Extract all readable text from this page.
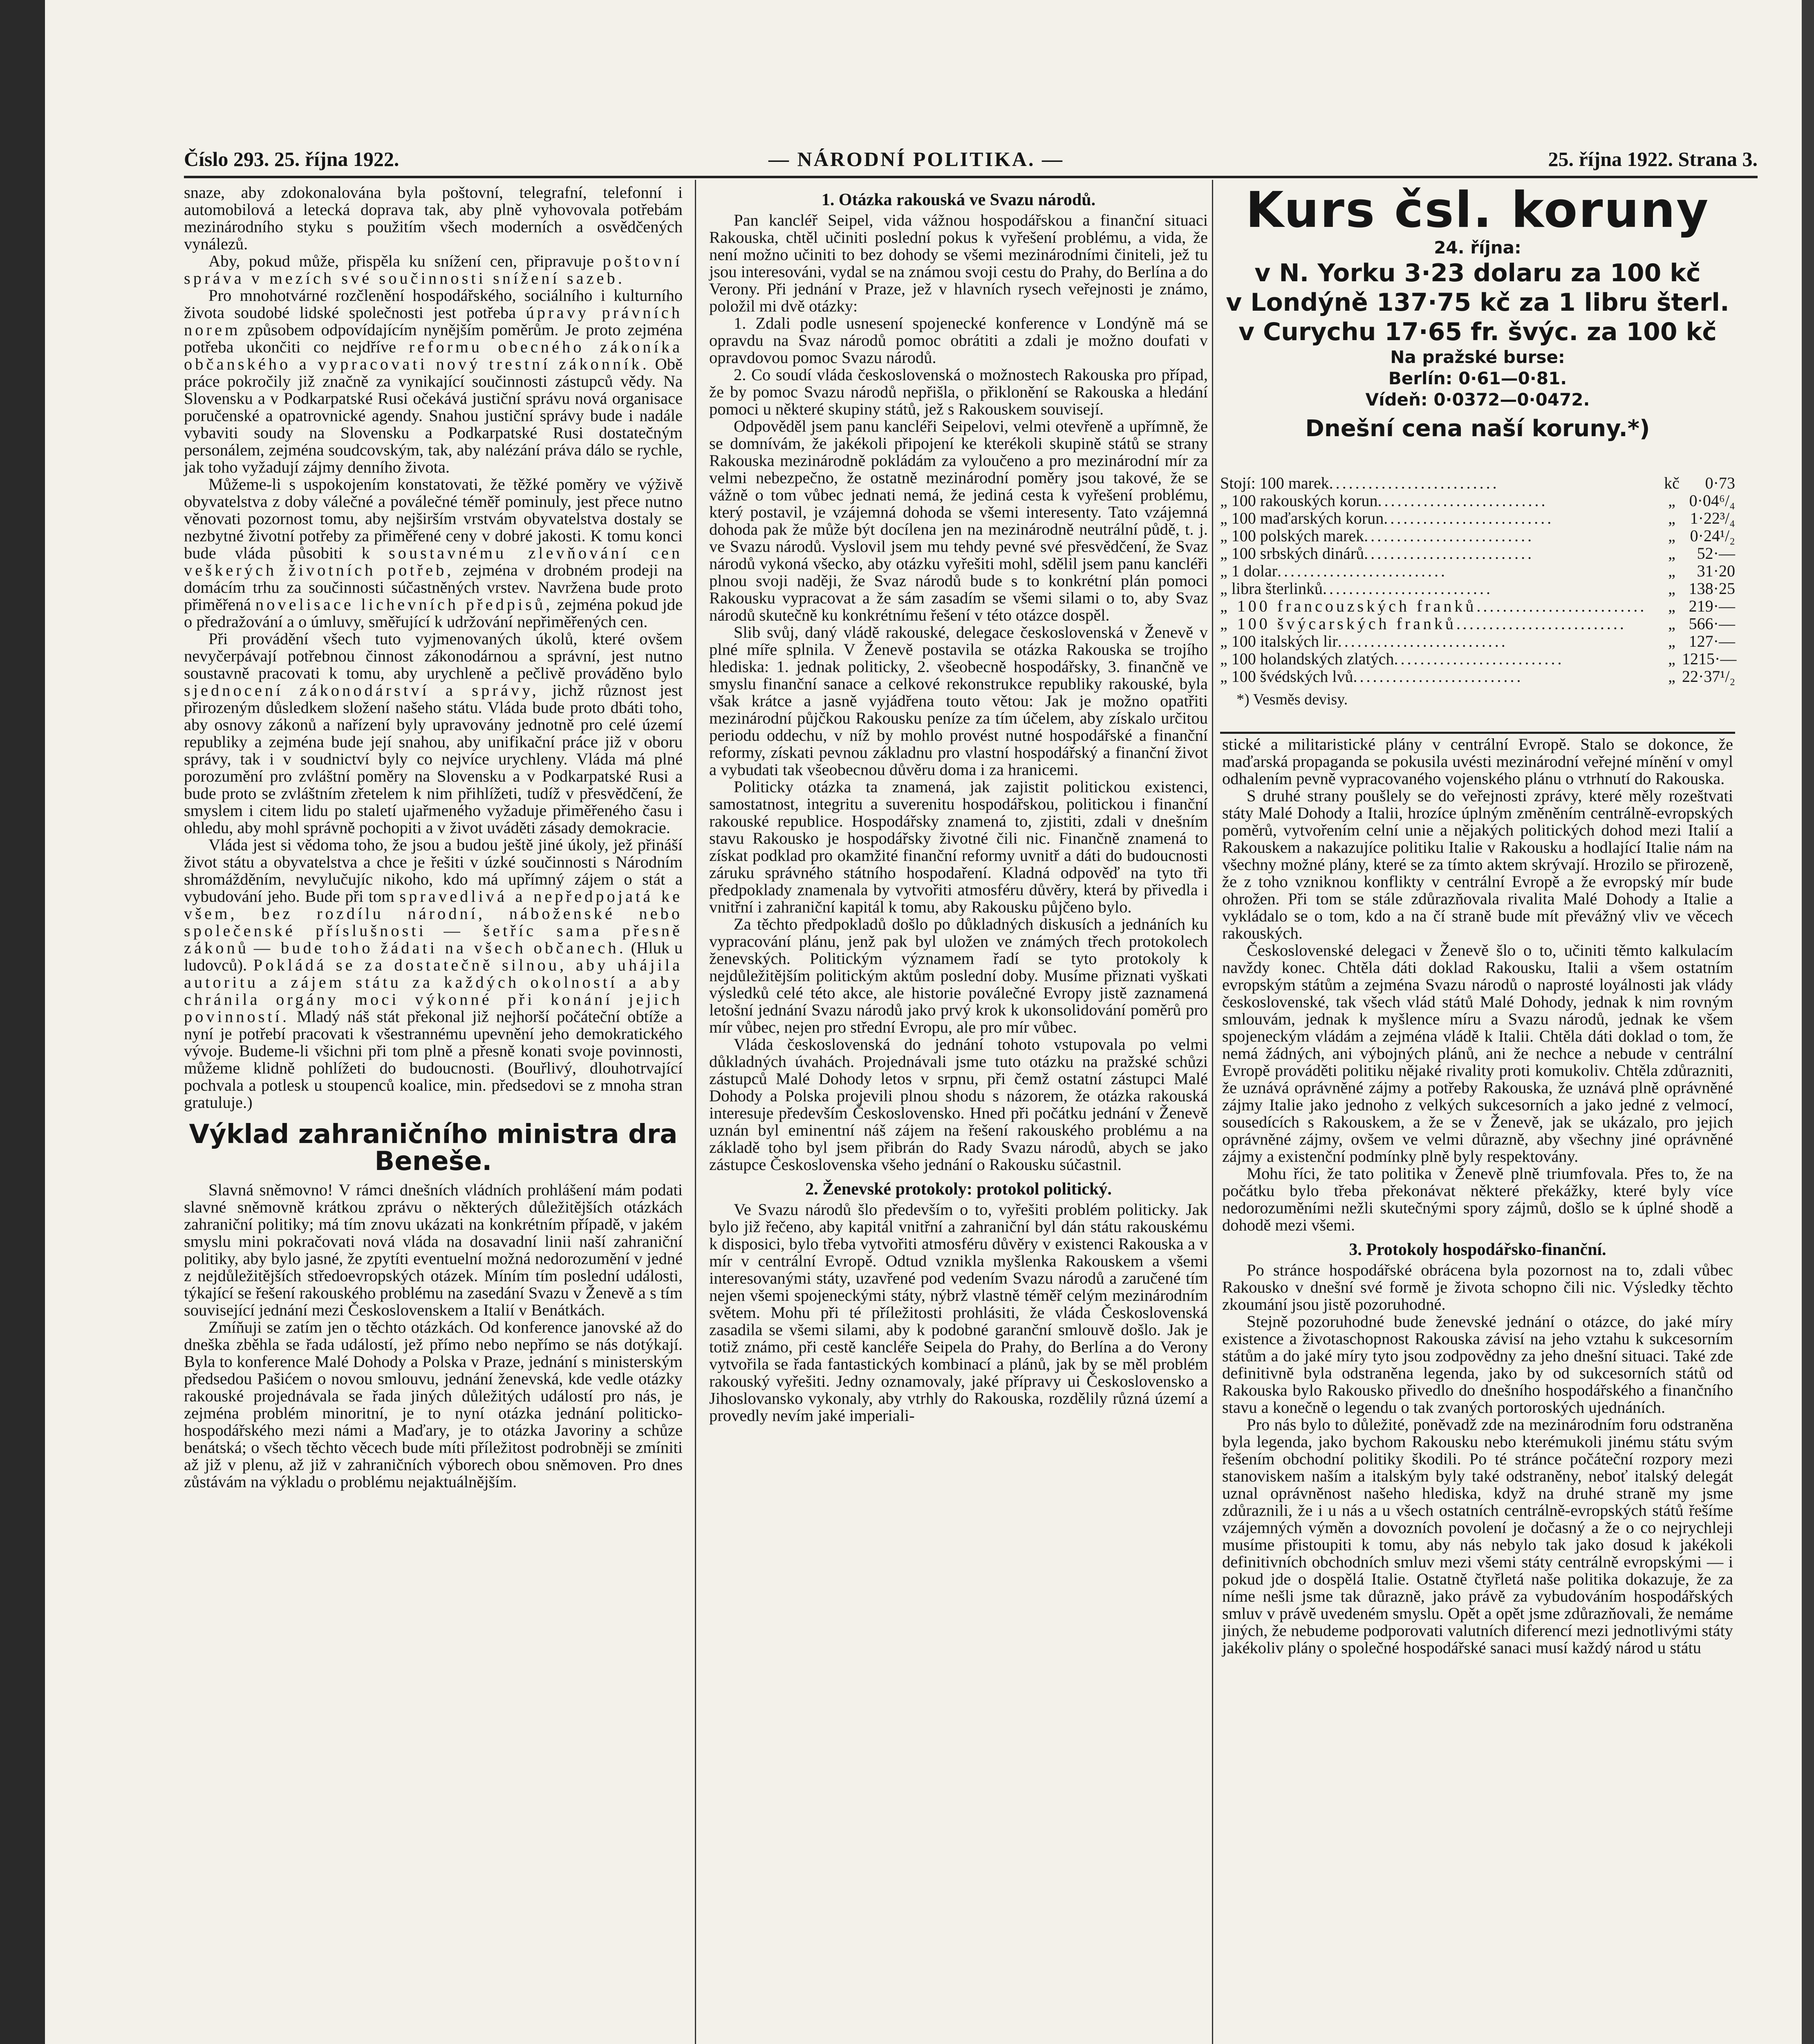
Číslo 293. 25. října 1922.	— NÁRODNÍ POLITIKA. —	25. října 1922. Strana 3.

snaze, aby zdokonalována byla poštovní, telegrafní, telefonní i automobilová a letecká doprava tak, aby plně vyhovovala potřebám mezinárodního styku s použitím všech moderních a osvědčených vynálezů.

Aby, pokud může, přispěla ku snížení cen, připravuje poštovní správa v mezích své součinnosti snížení sazeb.

Pro mnohotvárné rozčlenění hospodářského, sociálního i kulturního života soudobé lidské společnosti jest potřeba úpravy právních norem způsobem odpovídajícím nynějším poměrům. Je proto zejména potřeba ukončiti co nejdříve reformu obecného zákoníka občanského a vypracovati nový trestní zákonník. Obě práce pokročily již značně za vynikající součinnosti zástupců vědy. Na Slovensku a v Podkarpatské Rusi očekává justiční správu nová organisace poručenské a opatrovnické agendy. Snahou justiční správy bude i nadále vybaviti soudy na Slovensku a Podkarpatské Rusi dostatečným personálem, zejména soudcovským, tak, aby nalézání práva dálo se rychle, jak toho vyžadují zájmy denního života.

Můžeme-li s uspokojením konstatovati, že těžké poměry ve výživě obyvatelstva z doby válečné a poválečné téměř pominuly, jest přece nutno věnovati pozornost tomu, aby nejširším vrstvám obyvatelstva dostaly se nezbytné životní potřeby za přiměřené ceny v dobré jakosti. K tomu konci bude vláda působiti k soustavnému zlevňování cen veškerých životních potřeb, zejména v drobném prodeji na domácím trhu za součinnosti súčastněných vrstev. Navržena bude proto přiměřená novelisace lichevních předpisů, zejména pokud jde o předražování a o úmluvy, směřující k udržování nepřiměřených cen.

Při provádění všech tuto vyjmenovaných úkolů, které ovšem nevyčerpávají potřebnou činnost zákonodárnou a správní, jest nutno soustavně pracovati k tomu, aby urychleně a pečlivě prováděno bylo sjednocení zákonodárství a správy, jichž různost jest přirozeným důsledkem složení našeho státu. Vláda bude proto dbáti toho, aby osnovy zákonů a nařízení byly upravovány jednotně pro celé území republiky a zejména bude její snahou, aby unifikační práce již v oboru správy, tak i v soudnictví byly co nejvíce urychleny. Vláda má plné porozumění pro zvláštní poměry na Slovensku a v Podkarpatské Rusi a bude proto se zvláštním zřetelem k nim přihlížeti, tudíž v přesvědčení, že smyslem i citem lidu po staletí ujařmeného vyžaduje přiměřeného času i ohledu, aby mohl správně pochopiti a v život uváděti zásady demokracie.

Vláda jest si vědoma toho, že jsou a budou ještě jiné úkoly, jež přináší život státu a obyvatelstva a chce je řešiti v úzké součinnosti s Národním shromážděním, nevylučujíc nikoho, kdo má upřímný zájem o stát a vybudování jeho. Bude při tom spravedlivá a nepředpojatá ke všem, bez rozdílu národní, náboženské nebo společenské příslušnosti — šetříc sama přesně zákonů — bude toho žádati na všech občanech. (Hluk u ludovců). Pokládá se za dostatečně silnou, aby uhájila autoritu a zájem státu za každých okolností a aby chránila orgány moci výkonné při konání jejich povinností. Mladý náš stát překonal již nejhorší počáteční obtíže a nyní je potřebí pracovati k všestrannému upevnění jeho demokratického vývoje. Budeme-li všichni při tom plně a přesně konati svoje povinnosti, můžeme klidně pohlížeti do budoucnosti. (Bouřlivý, dlouhotrvající pochvala a potlesk u stoupenců koalice, min. předsedovi se z mnoha stran gratuluje.)

Výklad zahraničního ministra dra Beneše.

Slavná sněmovno! V rámci dnešních vládních prohlášení mám podati slavné sněmovně krátkou zprávu o některých důležitějších otázkách zahraniční politiky; má tím znovu ukázati na konkrétním případě, v jakém smyslu mini pokračovati nová vláda na dosavadní linii naší zahraniční politiky, aby bylo jasné, že zpytíti eventuelní možná nedorozumění v jedné z nejdůležitějších středoevropských otázek. Míním tím poslední události, týkající se řešení rakouského problému na zasedání Svazu v Ženevě a s tím související jednání mezi Československem a Italií v Benátkách.

Zmíňuji se zatím jen o těchto otázkách. Od konference janovské až do dneška zběhla se řada událostí, jež přímo nebo nepřímo se nás dotýkají. Byla to konference Malé Dohody a Polska v Praze, jednání s ministerským předsedou Pašićem o novou smlouvu, jednání ženevská, kde vedle otázky rakouské projednávala se řada jiných důležitých událostí pro nás, je zejména problém minoritní, je to nyní otázka jednání politicko-hospodářského mezi námi a Maďary, je to otázka Javoriny a schůze benátská; o všech těchto věcech bude míti příležitost podrobněji se zmíniti až již v plenu, až již v zahraničních výborech obou sněmoven. Pro dnes zůstávám na výkladu o problému nejaktuálnějším.

1. Otázka rakouská ve Svazu národů.

Pan kancléř Seipel, vida vážnou hospodářskou a finanční situaci Rakouska, chtěl učiniti poslední pokus k vyřešení problému, a vida, že není možno učiniti to bez dohody se všemi mezinárodními činiteli, jež tu jsou interesováni, vydal se na známou svoji cestu do Prahy, do Berlína a do Verony. Při jednání v Praze, jež v hlavních rysech veřejnosti je známo, položil mi dvě otázky:

1. Zdali podle usnesení spojenecké konference v Londýně má se opravdu na Svaz národů pomoc obrátiti a zdali je možno doufati v opravdovou pomoc Svazu národů.

2. Co soudí vláda československá o možnostech Rakouska pro případ, že by pomoc Svazu národů nepřišla, o přiklonění se Rakouska a hledání pomoci u některé skupiny států, jež s Rakouskem souvisejí.

Odpověděl jsem panu kancléři Seipelovi, velmi otevřeně a upřímně, že se domnívám, že jakékoli připojení ke kterékoli skupině států se strany Rakouska mezinárodně pokládám za vyloučeno a pro mezinárodní mír za velmi nebezpečno, že ostatně mezinárodní poměry jsou takové, že se vážně o tom vůbec jednati nemá, že jediná cesta k vyřešení problému, který postavil, je vzájemná dohoda se všemi interesenty. Tato vzájemná dohoda pak že může být docílena jen na mezinárodně neutrální půdě, t. j. ve Svazu národů. Vyslovil jsem mu tehdy pevné své přesvědčení, že Svaz národů vykoná všecko, aby otázku vyřešiti mohl, sdělil jsem panu kancléři plnou svoji naději, že Svaz národů bude s to konkrétní plán pomoci Rakousku vypracovat a že sám zasadím se všemi silami o to, aby Svaz národů skutečně ku konkrétnímu řešení v této otázce dospěl.

Slib svůj, daný vládě rakouské, delegace československá v Ženevě v plné míře splnila. V Ženevě postavila se otázka Rakouska se trojího hlediska: 1. jednak politicky, 2. všeobecně hospodářsky, 3. finančně ve smyslu finanční sanace a celkové rekonstrukce republiky rakouské, byla však krátce a jasně vyjádřena touto větou: Jak je možno opatřiti mezinárodní půjčkou Rakousku peníze za tím účelem, aby získalo určitou periodu oddechu, v níž by mohlo provést nutné hospodářské a finanční reformy, získati pevnou základnu pro vlastní hospodářský a finanční život a vybudati tak všeobecnou důvěru doma i za hranicemi.

Politicky otázka ta znamená, jak zajistit politickou existenci, samostatnost, integritu a suverenitu hospodářskou, politickou i finanční rakouské republice. Hospodářsky znamená to, zjistiti, zdali v dnešním stavu Rakousko je hospodářsky životné čili nic. Finančně znamená to získat podklad pro okamžité finanční reformy uvnitř a dáti do budoucnosti záruku správného státního hospodaření. Kladná odpověď na tyto tři předpoklady znamenala by vytvořiti atmosféru důvěry, která by přivedla i vnitřní i zahraniční kapitál k tomu, aby Rakousku půjčeno bylo.

Za těchto předpokladů došlo po důkladných diskusích a jednáních ku vypracování plánu, jenž pak byl uložen ve známých třech protokolech ženevských. Politickým významem řadí se tyto protokoly k nejdůležitějším politickým aktům poslední doby. Musíme přiznati vyškati výsledků celé této akce, ale historie poválečné Evropy jistě zaznamená letošní jednání Svazu národů jako prvý krok k ukonsolidování poměrů pro mír vůbec, nejen pro střední Evropu, ale pro mír vůbec.

Vláda československá do jednání tohoto vstupovala po velmi důkladných úvahách. Projednávali jsme tuto otázku na pražské schůzi zástupců Malé Dohody letos v srpnu, při čemž ostatní zástupci Malé Dohody a Polska projevili plnou shodu s názorem, že otázka rakouská interesuje především Československo. Hned při počátku jednání v Ženevě uznán byl eminentní náš zájem na řešení rakouského problému a na základě toho byl jsem přibrán do Rady Svazu národů, abych se jako zástupce Československa všeho jednání o Rakousku súčastnil.

2. Ženevské protokoly: protokol politický.

Ve Svazu národů šlo především o to, vyřešiti problém politicky. Jak bylo již řečeno, aby kapitál vnitřní a zahraniční byl dán státu rakouskému k disposici, bylo třeba vytvořiti atmosféru důvěry v existenci Rakouska a v mír v centrální Evropě. Odtud vznikla myšlenka Rakouskem a všemi interesovanými státy, uzavřené pod vedením Svazu národů a zaručené tím nejen všemi spojeneckými státy, nýbrž vlastně téměř celým mezinárodním světem. Mohu při té příležitosti prohlásiti, že vláda Československá zasadila se všemi silami, aby k podobné garanční smlouvě došlo. Jak je totiž známo, při cestě kancléře Seipela do Prahy, do Berlína a do Verony vytvořila se řada fantastických kombinací a plánů, jak by se měl problém rakouský vyřešiti. Jedny oznamovaly, jaké přípravy ui Československo a Jihoslovansko vykonaly, aby vtrhly do Rakouska, rozdělily různá území a provedly nevím jaké imperiali-

Kurs čsl. koruny
24. října:
v N. Yorku 3·23 dolaru za 100 kč
v Londýně 137·75 kč za 1 libru šterl.
v Curychu 17·65 fr. švýc. za 100 kč
Na pražské burse:
Berlín: 0·61—0·81.
Vídeň: 0·0372—0·0472.
Dnešní cena naší koruny.*)
Stojí: 100 marek ..........................	kč	0·73
„ 100 rakouských korun ..........................	„ 0·04⁶/₄
„ 100 maďarských korun ..........................	„ 1·22³/₄
„ 100 polských marek ..........................	„ 0·24¹/₂
„ 100 srbských dinárů ..........................	„	52·—
„ 1 dolar ..........................	„	31·20
„ libra šterlinků ..........................	„ 138·25
„ 100 francouzských franků ..........................	„ 219·—
„ 100 švýcarských franků ..........................	„ 566·—
„ 100 italských lir ..........................	„ 127·—
„ 100 holandských zlatých ..........................	„ 1215·—
„ 100 švédských lvů ..........................	„ 22·37¹/₂
*) Vesměs devisy.

stické a militaristické plány v centrální Evropě. Stalo se dokonce, že maďarská propaganda se pokusila uvésti mezinárodní veřejné mínění v omyl odhalením pevně vypracovaného vojenského plánu o vtrhnutí do Rakouska.

S druhé strany poušlely se do veřejnosti zprávy, které měly rozeštvati státy Malé Dohody a Italii, hrozíce úplným změněním centrálně-evropských poměrů, vytvořením celní unie a nějakých politických dohod mezi Italií a Rakouskem a nakazujíce politiku Italie v Rakousku a hodlající Italie nám na všechny možné plány, které se za tímto aktem skrývají. Hrozilo se přirozeně, že z toho vzniknou konflikty v centrální Evropě a že evropský mír bude ohrožen. Při tom se stále zdůrazňovala rivalita Malé Dohody a Italie a vykládalo se o tom, kdo a na čí straně bude mít převážný vliv ve věcech rakouských.

Československé delegaci v Ženevě šlo o to, učiniti těmto kalkulacím navždy konec. Chtěla dáti doklad Rakousku, Italii a všem ostatním evropským státům a zejména Svazu národů o naprosté loyálnosti jak vlády československé, tak všech vlád států Malé Dohody, jednak k nim rovným smlouvám, jednak k myšlence míru a Svazu národů, jednak ke všem spojeneckým vládám a zejména vládě k Italii. Chtěla dáti doklad o tom, že nemá žádných, ani výbojných plánů, ani že nechce a nebude v centrální Evropě prováděti politiku nějaké rivality proti komukoliv. Chtěla zdůrazniti, že uznává oprávněné zájmy a potřeby Rakouska, že uznává plně oprávněné zájmy Italie jako jednoho z velkých sukcesorních a jako jedné z velmocí, sousedících s Rakouskem, a že se v Ženevě, jak se ukázalo, pro jejich oprávněné zájmy, ovšem ve velmi důrazně, aby všechny jiné oprávněné zájmy a existenční podmínky plně byly respektovány.

Mohu říci, že tato politika v Ženevě plně triumfovala. Přes to, že na počátku bylo třeba překonávat některé překážky, které byly více nedorozuměními nežli skutečnými spory zájmů, došlo se k úplné shodě a dohodě mezi všemi.

3. Protokoly hospodářsko-finanční.

Po stránce hospodářské obrácena byla pozornost na to, zdali vůbec Rakousko v dnešní své formě je života schopno čili nic. Výsledky těchto zkoumání jsou jistě pozoruhodné.

Stejně pozoruhodné bude ženevské jednání o otázce, do jaké míry existence a životaschopnost Rakouska závisí na jeho vztahu k sukcesorním státům a do jaké míry tyto jsou zodpovědny za jeho dnešní situaci. Také zde definitivně byla odstraněna legenda, jako by od sukcesorních států od Rakouska bylo Rakousko přivedlo do dnešního hospodářského a finančního stavu a konečně o legendu o tak zvaných portoroských ujednáních.

Pro nás bylo to důležité, poněvadž zde na mezinárodním foru odstraněna byla legenda, jako bychom Rakousku nebo kterémukoli jinému státu svým řešením obchodní politiky škodili. Po té stránce počáteční rozpory mezi stanoviskem naším a italským byly také odstraněny, neboť italský delegát uznal oprávněnost našeho hlediska, když na druhé straně my jsme zdůraznili, že i u nás a u všech ostatních centrálně-evropských států řešíme vzájemných výměn a dovozních povolení je dočasný a že o co nejrychleji musíme přistoupiti k tomu, aby nás nebylo tak jako dosud k jakékoli definitivních obchodních smluv mezi všemi státy centrálně evropskými — i pokud jde o dospělá Italie. Ostatně čtyřletá naše politika dokazuje, že za níme nešli jsme tak důrazně, jako právě za vybudováním hospodářských smluv v právě uvedeném smyslu. Opět a opět jsme zdůrazňovali, že nemáme jiných, že nebudeme podporovati valutních diferencí mezi jednotlivými státy jakékoliv plány o společné hospodářské sanaci musí každý národ u státu
